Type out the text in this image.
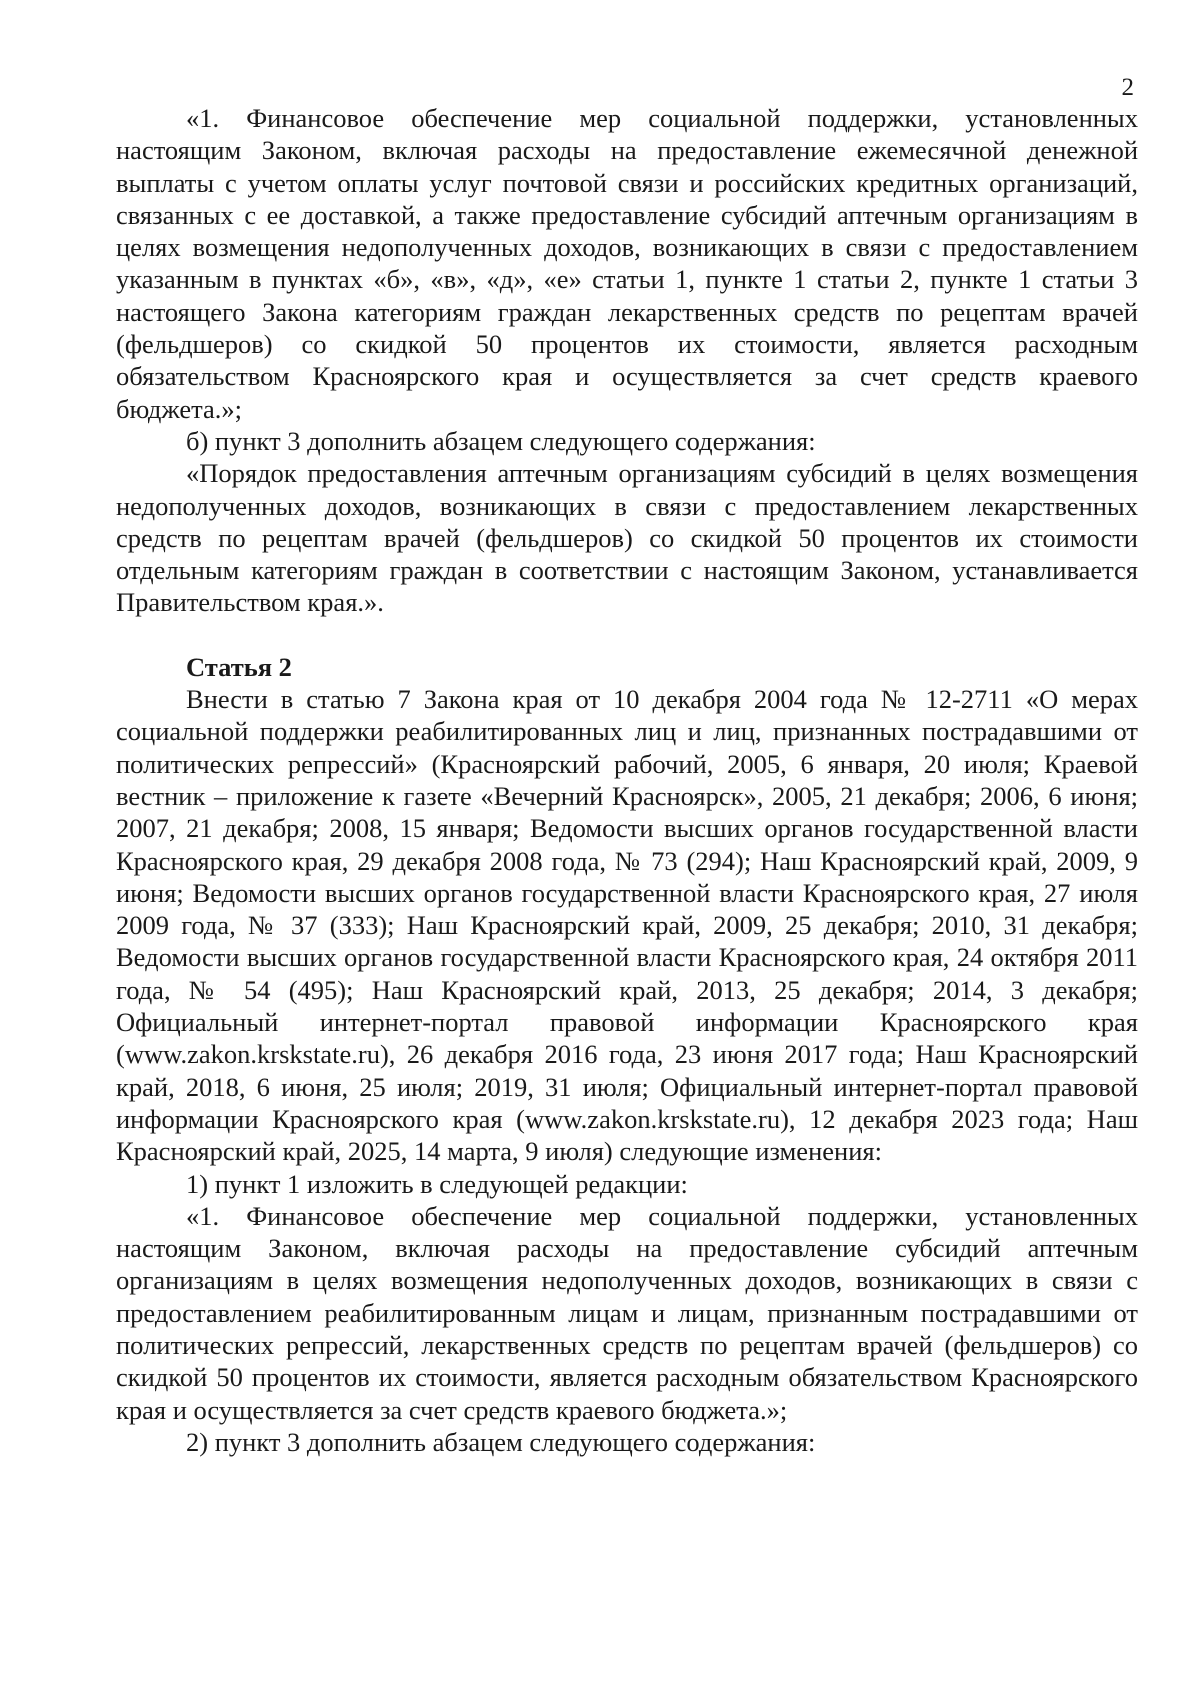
2

«1. Финансовое обеспечение мер социальной поддержки, установленных настоящим Законом, включая расходы на предоставление ежемесячной денежной выплаты с учетом оплаты услуг почтовой связи и российских кредитных организаций, связанных с ее доставкой, а также предоставление субсидий аптечным организациям в целях возмещения недополученных доходов, возникающих в связи с предоставлением указанным в пунктах «б», «в», «д», «е» статьи 1, пункте 1 статьи 2, пункте 1 статьи 3 настоящего Закона категориям граждан лекарственных средств по рецептам врачей (фельдшеров) со скидкой 50 процентов их стоимости, является расходным обязательством Красноярского края и осуществляется за счет средств краевого бюджета.»;

б) пункт 3 дополнить абзацем следующего содержания:

«Порядок предоставления аптечным организациям субсидий в целях возмещения недополученных доходов, возникающих в связи с предоставлением лекарственных средств по рецептам врачей (фельдшеров) со скидкой 50 процентов их стоимости отдельным категориям граждан в соответствии с настоящим Законом, устанавливается Правительством края.».

Статья 2

Внести в статью 7 Закона края от 10 декабря 2004 года № 12-2711 «О мерах социальной поддержки реабилитированных лиц и лиц, признанных пострадавшими от политических репрессий» (Красноярский рабочий, 2005, 6 января, 20 июля; Краевой вестник – приложение к газете «Вечерний Красноярск», 2005, 21 декабря; 2006, 6 июня; 2007, 21 декабря; 2008, 15 января; Ведомости высших органов государственной власти Красноярского края, 29 декабря 2008 года, № 73 (294); Наш Красноярский край, 2009, 9 июня; Ведомости высших органов государственной власти Красноярского края, 27 июля 2009 года, № 37 (333); Наш Красноярский край, 2009, 25 декабря; 2010, 31 декабря; Ведомости высших органов государственной власти Красноярского края, 24 октября 2011 года, № 54 (495); Наш Красноярский край, 2013, 25 декабря; 2014, 3 декабря; Официальный интернет-портал правовой информации Красноярского края (www.zakon.krskstate.ru), 26 декабря 2016 года, 23 июня 2017 года; Наш Красноярский край, 2018, 6 июня, 25 июля; 2019, 31 июля; Официальный интернет-портал правовой информации Красноярского края (www.zakon.krskstate.ru), 12 декабря 2023 года; Наш Красноярский край, 2025, 14 марта, 9 июля) следующие изменения:

1) пункт 1 изложить в следующей редакции:

«1. Финансовое обеспечение мер социальной поддержки, установленных настоящим Законом, включая расходы на предоставление субсидий аптечным организациям в целях возмещения недополученных доходов, возникающих в связи с предоставлением реабилитированным лицам и лицам, признанным пострадавшими от политических репрессий, лекарственных средств по рецептам врачей (фельдшеров) со скидкой 50 процентов их стоимости, является расходным обязательством Красноярского края и осуществляется за счет средств краевого бюджета.»;

2) пункт 3 дополнить абзацем следующего содержания:
